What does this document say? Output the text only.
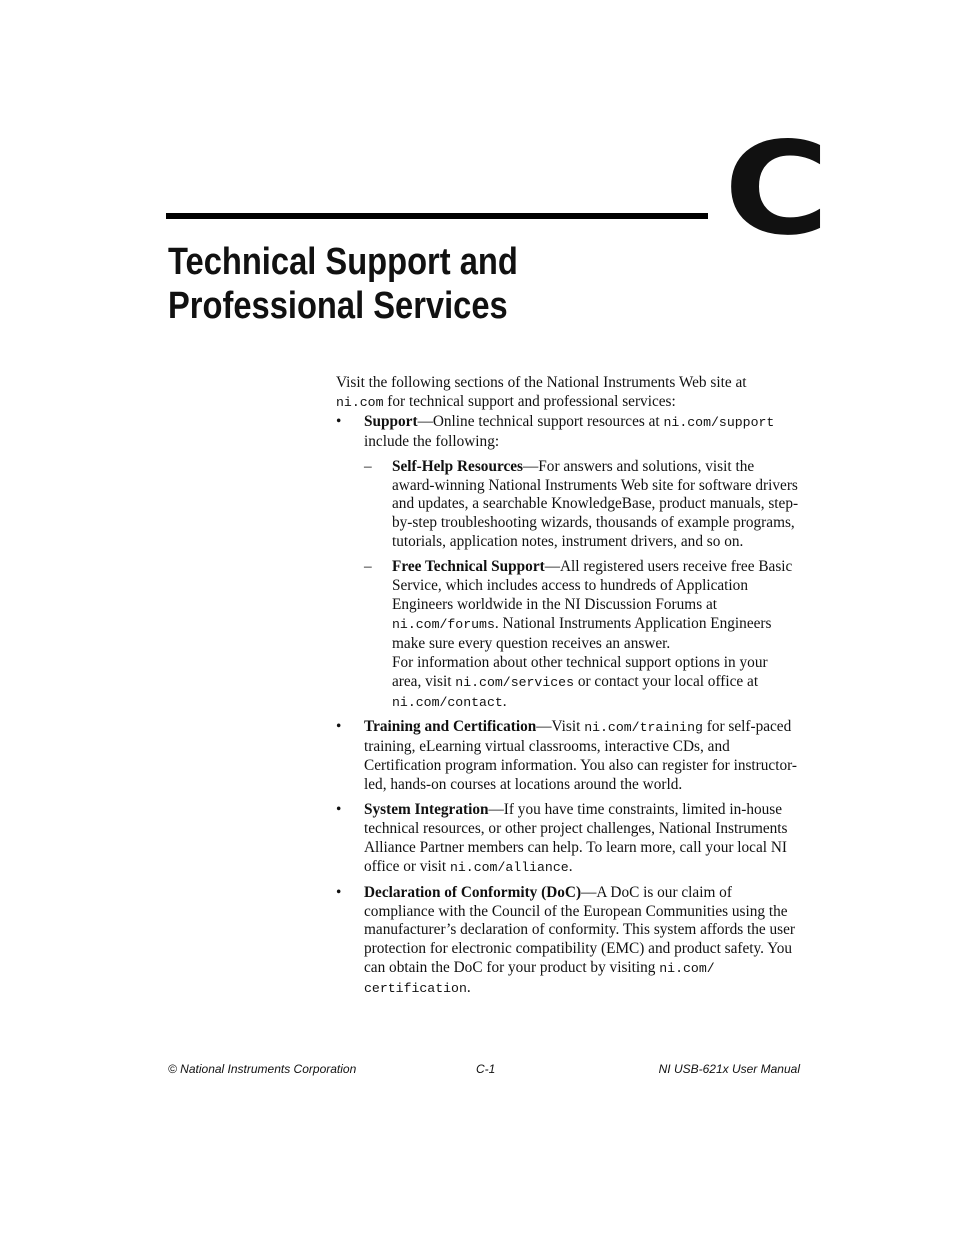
C
Technical Support and
Professional Services

Visit the following sections of the National Instruments Web site at
ni.com for technical support and professional services:

• Support—Online technical support resources at ni.com/support
include the following:

– Self-Help Resources—For answers and solutions, visit the award-winning National Instruments Web site for software drivers and updates, a searchable KnowledgeBase, product manuals, step-by-step troubleshooting wizards, thousands of example programs, tutorials, application notes, instrument drivers, and so on.

– Free Technical Support—All registered users receive free Basic Service, which includes access to hundreds of Application Engineers worldwide in the NI Discussion Forums at ni.com/forums. National Instruments Application Engineers make sure every question receives an answer.

For information about other technical support options in your area, visit ni.com/services or contact your local office at ni.com/contact.

• Training and Certification—Visit ni.com/training for self-paced training, eLearning virtual classrooms, interactive CDs, and Certification program information. You also can register for instructor-led, hands-on courses at locations around the world.

• System Integration—If you have time constraints, limited in-house technical resources, or other project challenges, National Instruments Alliance Partner members can help. To learn more, call your local NI office or visit ni.com/alliance.

• Declaration of Conformity (DoC)—A DoC is our claim of compliance with the Council of the European Communities using the manufacturer’s declaration of conformity. This system affords the user protection for electronic compatibility (EMC) and product safety. You can obtain the DoC for your product by visiting ni.com/ certification.

© National Instruments Corporation	C-1	NI USB-621x User Manual
